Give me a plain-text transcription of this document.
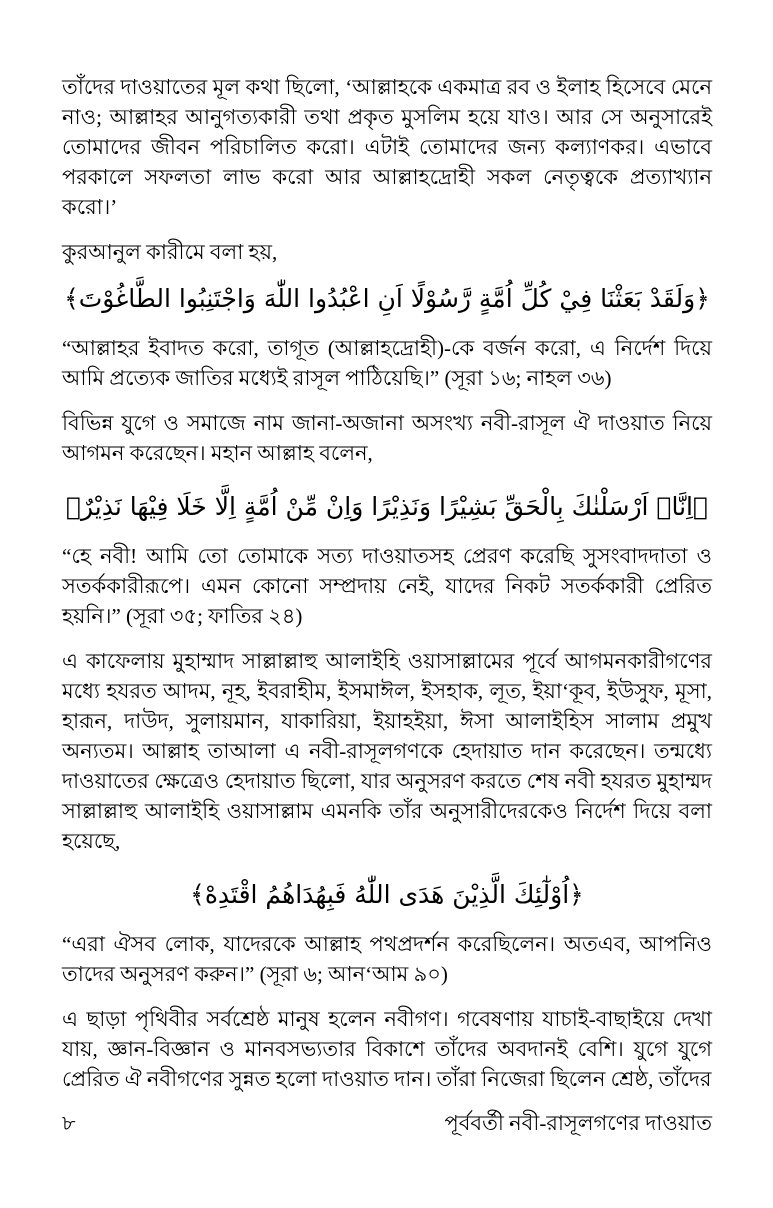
তাঁদের দাওয়াতের মূল কথা ছিলো, ‘আল্লাহকে একমাত্র রব ও ইলাহ হিসেবে মেনে নাও; আল্লাহর আনুগত্যকারী তথা প্রকৃত মুসলিম হয়ে যাও। আর সে অনুসারেই তোমাদের জীবন পরিচালিত করো। এটাই তোমাদের জন্য কল্যাণকর। এভাবে পরকালে সফলতা লাভ করো আর আল্লাহদ্রোহী সকল নেতৃত্বকে প্রত্যাখ্যান করো।’

কুরআনুল কারীমে বলা হয়,

﴿وَلَقَدْ بَعَثْنَا فِيْ كُلِّ اُمَّةٍ رَّسُوْلًا اَنِ اعْبُدُوا اللّٰهَ وَاجْتَنِبُوا الطَّاغُوْتَ﴾

“আল্লাহর ইবাদত করো, তাগূত (আল্লাহদ্রোহী)-কে বর্জন করো, এ নির্দেশ দিয়ে আমি প্রত্যেক জাতির মধ্যেই রাসূল পাঠিয়েছি।” (সূরা ১৬; নাহল ৩৬)

বিভিন্ন যুগে ও সমাজে নাম জানা-অজানা অসংখ্য নবী-রাসূল ঐ দাওয়াত নিয়ে আগমন করেছেন। মহান আল্লাহ বলেন,

﴿اِنَّاۤ اَرْسَلْنٰكَ بِالْحَقِّ بَشِيْرًا وَنَذِيْرًا وَاِنْ مِّنْ اُمَّةٍ اِلَّا خَلَا فِيْهَا نَذِيْرٌ﴾

“হে নবী! আমি তো তোমাকে সত্য দাওয়াতসহ প্রেরণ করেছি সুসংবাদদাতা ও সতর্ককারীরূপে। এমন কোনো সম্প্রদায় নেই, যাদের নিকট সতর্ককারী প্রেরিত হয়নি।” (সূরা ৩৫; ফাতির ২৪)

এ কাফেলায় মুহাম্মাদ সাল্লাল্লাহু আলাইহি ওয়াসাল্লামের পূর্বে আগমনকারীগণের মধ্যে হযরত আদম, নূহ, ইবরাহীম, ইসমাঈল, ইসহাক, লূত, ইয়া‘কূব, ইউসুফ, মূসা, হারূন, দাউদ, সুলায়মান, যাকারিয়া, ইয়াহইয়া, ঈসা আলাইহিস সালাম প্রমুখ অন্যতম। আল্লাহ তাআলা এ নবী-রাসূলগণকে হেদায়াত দান করেছেন। তন্মধ্যে দাওয়াতের ক্ষেত্রেও হেদায়াত ছিলো, যার অনুসরণ করতে শেষ নবী হযরত মুহাম্মদ সাল্লাল্লাহু আলাইহি ওয়াসাল্লাম এমনকি তাঁর অনুসারীদেরকেও নির্দেশ দিয়ে বলা হয়েছে,

﴿اُوْلٰٓئِكَ الَّذِيْنَ هَدَى اللّٰهُ فَبِهُدَاهُمُ اقْتَدِهْ﴾

“এরা ঐসব লোক, যাদেরকে আল্লাহ পথপ্রদর্শন করেছিলেন। অতএব, আপনিও তাদের অনুসরণ করুন।” (সূরা ৬; আন‘আম ৯০)

এ ছাড়া পৃথিবীর সর্বশ্রেষ্ঠ মানুষ হলেন নবীগণ। গবেষণায় যাচাই-বাছাইয়ে দেখা যায়, জ্ঞান-বিজ্ঞান ও মানবসভ্যতার বিকাশে তাঁদের অবদানই বেশি। যুগে যুগে প্রেরিত ঐ নবীগণের সুন্নত হলো দাওয়াত দান। তাঁরা নিজেরা ছিলেন শ্রেষ্ঠ, তাঁদের

৮	পূর্ববর্তী নবী-রাসূলগণের দাওয়াত
